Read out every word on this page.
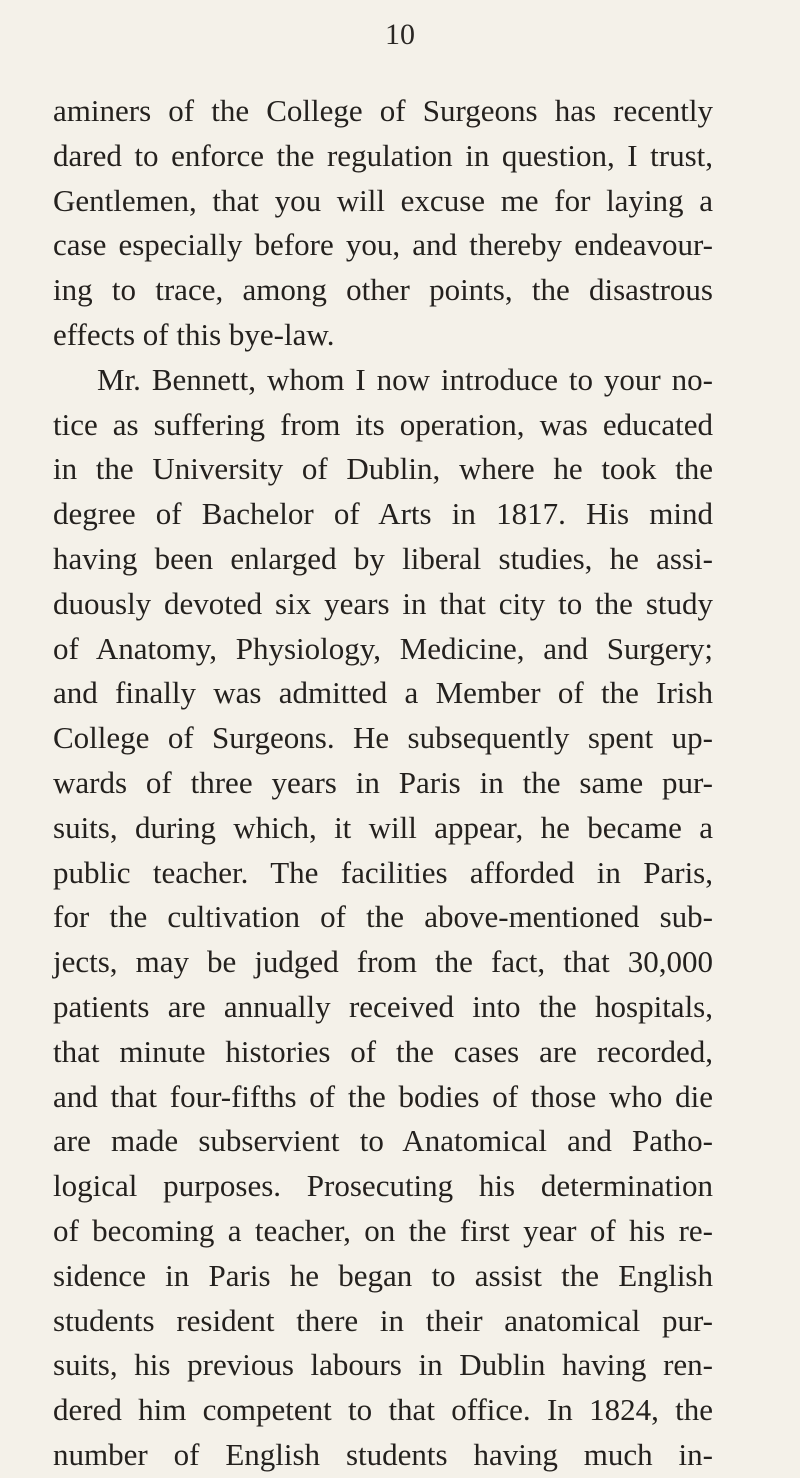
10
aminers of the College of Surgeons has recently
dared to enforce the regulation in question, I trust,
Gentlemen, that you will excuse me for laying a
case especially before you, and thereby endeavour-
ing to trace, among other points, the disastrous
effects of this bye-law.
Mr. Bennett, whom I now introduce to your no-
tice as suffering from its operation, was educated
in the University of Dublin, where he took the
degree of Bachelor of Arts in 1817. His mind
having been enlarged by liberal studies, he assi-
duously devoted six years in that city to the study
of Anatomy, Physiology, Medicine, and Surgery;
and finally was admitted a Member of the Irish
College of Surgeons. He subsequently spent up-
wards of three years in Paris in the same pur-
suits, during which, it will appear, he became a
public teacher. The facilities afforded in Paris,
for the cultivation of the above-mentioned sub-
jects, may be judged from the fact, that 30,000
patients are annually received into the hospitals,
that minute histories of the cases are recorded,
and that four-fifths of the bodies of those who die
are made subservient to Anatomical and Patho-
logical purposes. Prosecuting his determination
of becoming a teacher, on the first year of his re-
sidence in Paris he began to assist the English
students resident there in their anatomical pur-
suits, his previous labours in Dublin having ren-
dered him competent to that office. In 1824, the
number of English students having much in-
